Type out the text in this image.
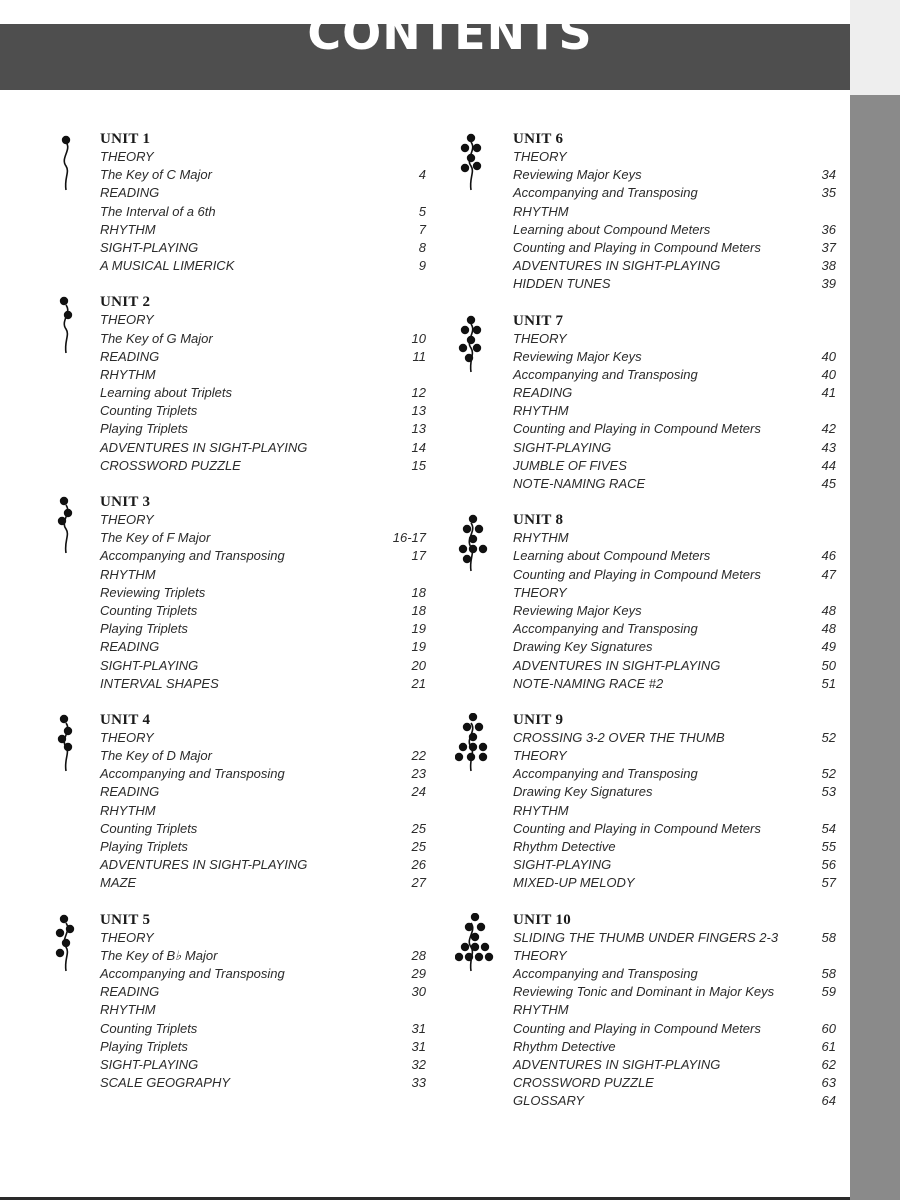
CONTENTS
UNIT 1
THEORY
The Key of C Major	4
READING
The Interval of a 6th	5
RHYTHM	7
SIGHT-PLAYING	8
A MUSICAL LIMERICK	9
UNIT 2
THEORY
The Key of G Major	10
READING	11
RHYTHM
Learning about Triplets	12
Counting Triplets	13
Playing Triplets	13
ADVENTURES IN SIGHT-PLAYING	14
CROSSWORD PUZZLE	15
UNIT 3
THEORY
The Key of F Major	16-17
Accompanying and Transposing	17
RHYTHM
Reviewing Triplets	18
Counting Triplets	18
Playing Triplets	19
READING	19
SIGHT-PLAYING	20
INTERVAL SHAPES	21
UNIT 4
THEORY
The Key of D Major	22
Accompanying and Transposing	23
READING	24
RHYTHM
Counting Triplets	25
Playing Triplets	25
ADVENTURES IN SIGHT-PLAYING	26
MAZE	27
UNIT 5
THEORY
The Key of B♭ Major	28
Accompanying and Transposing	29
READING	30
RHYTHM
Counting Triplets	31
Playing Triplets	31
SIGHT-PLAYING	32
SCALE GEOGRAPHY	33
UNIT 6
THEORY
Reviewing Major Keys	34
Accompanying and Transposing	35
RHYTHM
Learning about Compound Meters	36
Counting and Playing in Compound Meters	37
ADVENTURES IN SIGHT-PLAYING	38
HIDDEN TUNES	39
UNIT 7
THEORY
Reviewing Major Keys	40
Accompanying and Transposing	40
READING	41
RHYTHM
Counting and Playing in Compound Meters	42
SIGHT-PLAYING	43
JUMBLE OF FIVES	44
NOTE-NAMING RACE	45
UNIT 8
RHYTHM
Learning about Compound Meters	46
Counting and Playing in Compound Meters	47
THEORY
Reviewing Major Keys	48
Accompanying and Transposing	48
Drawing Key Signatures	49
ADVENTURES IN SIGHT-PLAYING	50
NOTE-NAMING RACE #2	51
UNIT 9
CROSSING 3-2 OVER THE THUMB	52
THEORY
Accompanying and Transposing	52
Drawing Key Signatures	53
RHYTHM
Counting and Playing in Compound Meters	54
Rhythm Detective	55
SIGHT-PLAYING	56
MIXED-UP MELODY	57
UNIT 10
SLIDING THE THUMB UNDER FINGERS 2-3	58
THEORY
Accompanying and Transposing	58
Reviewing Tonic and Dominant in Major Keys	59
RHYTHM
Counting and Playing in Compound Meters	60
Rhythm Detective	61
ADVENTURES IN SIGHT-PLAYING	62
CROSSWORD PUZZLE	63
GLOSSARY	64
